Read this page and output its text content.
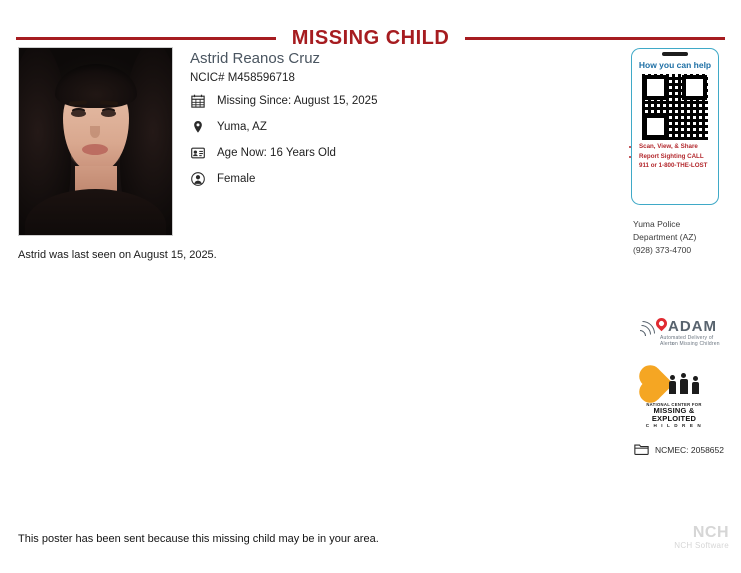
MISSING CHILD
Astrid was last seen on August 15, 2025.

Astrid Reanos Cruz

NCIC# M458596718

Missing Since: August 15, 2025
Yuma, AZ
Age Now: 16 Years Old
Female
How you can help
• Scan, View, & Share
• Report Sighting CALL 911 or 1-800-THE-LOST
Yuma Police
Department (AZ)
(928) 373-4700
ADAM
Automated Delivery of Alerts
on Missing Children
NATIONAL CENTER FOR
MISSING &
EXPLOITED
C H I L D R E N
NCMEC: 2058652
This poster has been sent because this missing child may be in your area.	NCH
NCH Software
